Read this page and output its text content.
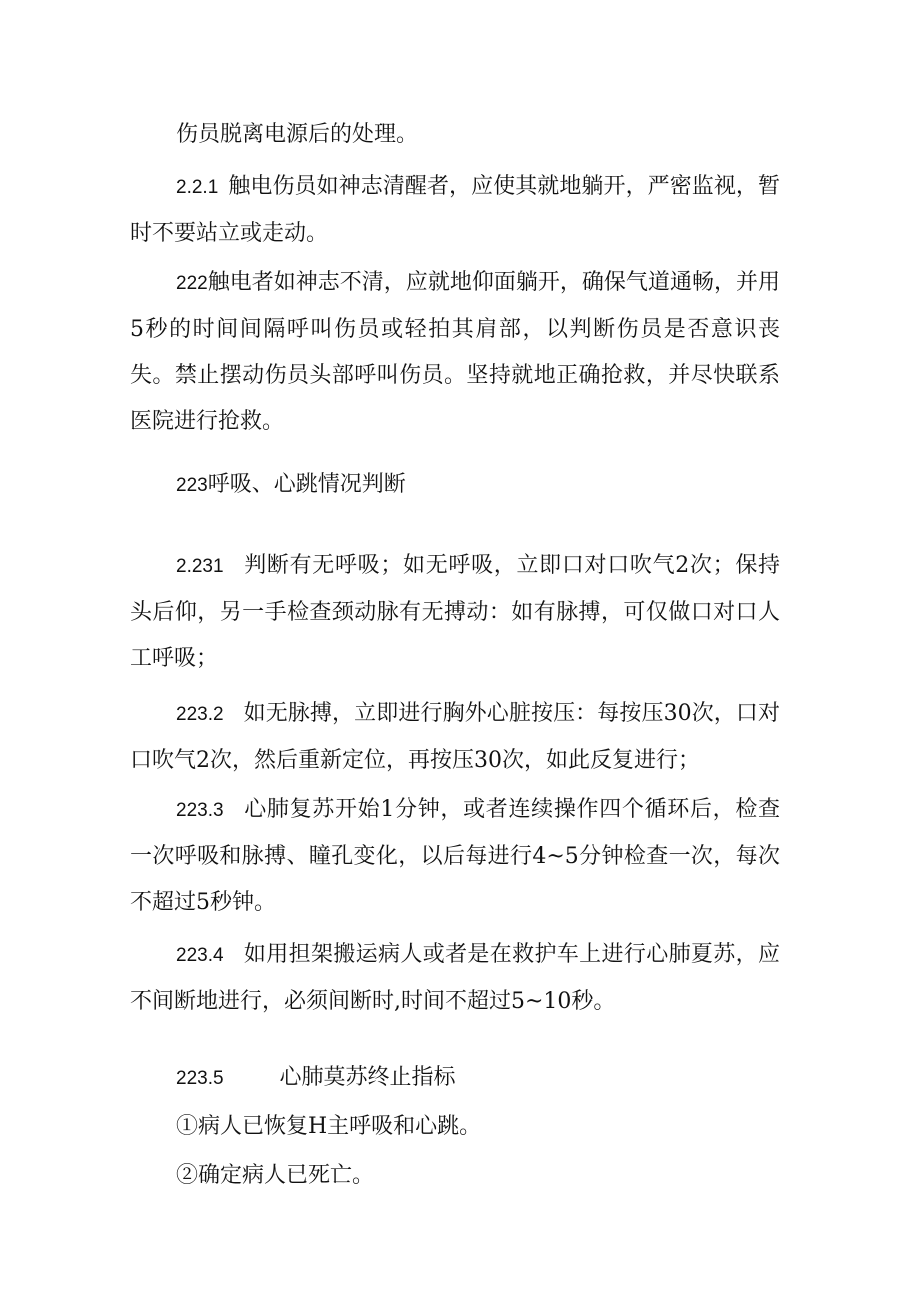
伤员脱离电源后的处理。
2.2.1 触电伤员如神志清醒者，应使其就地躺开，严密监视，暂时不要站立或走动。
222触电者如神志不清，应就地仰面躺开，确保气道通畅，并用5秒的时间间隔呼叫伤员或轻拍其肩部，以判断伤员是否意识丧失。禁止摆动伤员头部呼叫伤员。坚持就地正确抢救，并尽快联系医院进行抢救。
223呼吸、心跳情况判断
2.231 判断有无呼吸；如无呼吸，立即口对口吹气2次；保持头后仰，另一手检查颈动脉有无搏动：如有脉搏，可仅做口对口人工呼吸；
223.2 如无脉搏，立即进行胸外心脏按压：每按压30次，口对口吹气2次，然后重新定位，再按压30次，如此反复进行；
223.3 心肺复苏开始1分钟，或者连续操作四个循环后，检查一次呼吸和脉搏、瞳孔变化，以后每进行4~5分钟检查一次，每次不超过5秒钟。
223.4 如用担架搬运病人或者是在救护车上进行心肺夏苏，应不间断地进行，必须间断时,时间不超过5~10秒。
223.5	心肺莫苏终止指标
①病人已恢复H主呼吸和心跳。
②确定病人已死亡。
